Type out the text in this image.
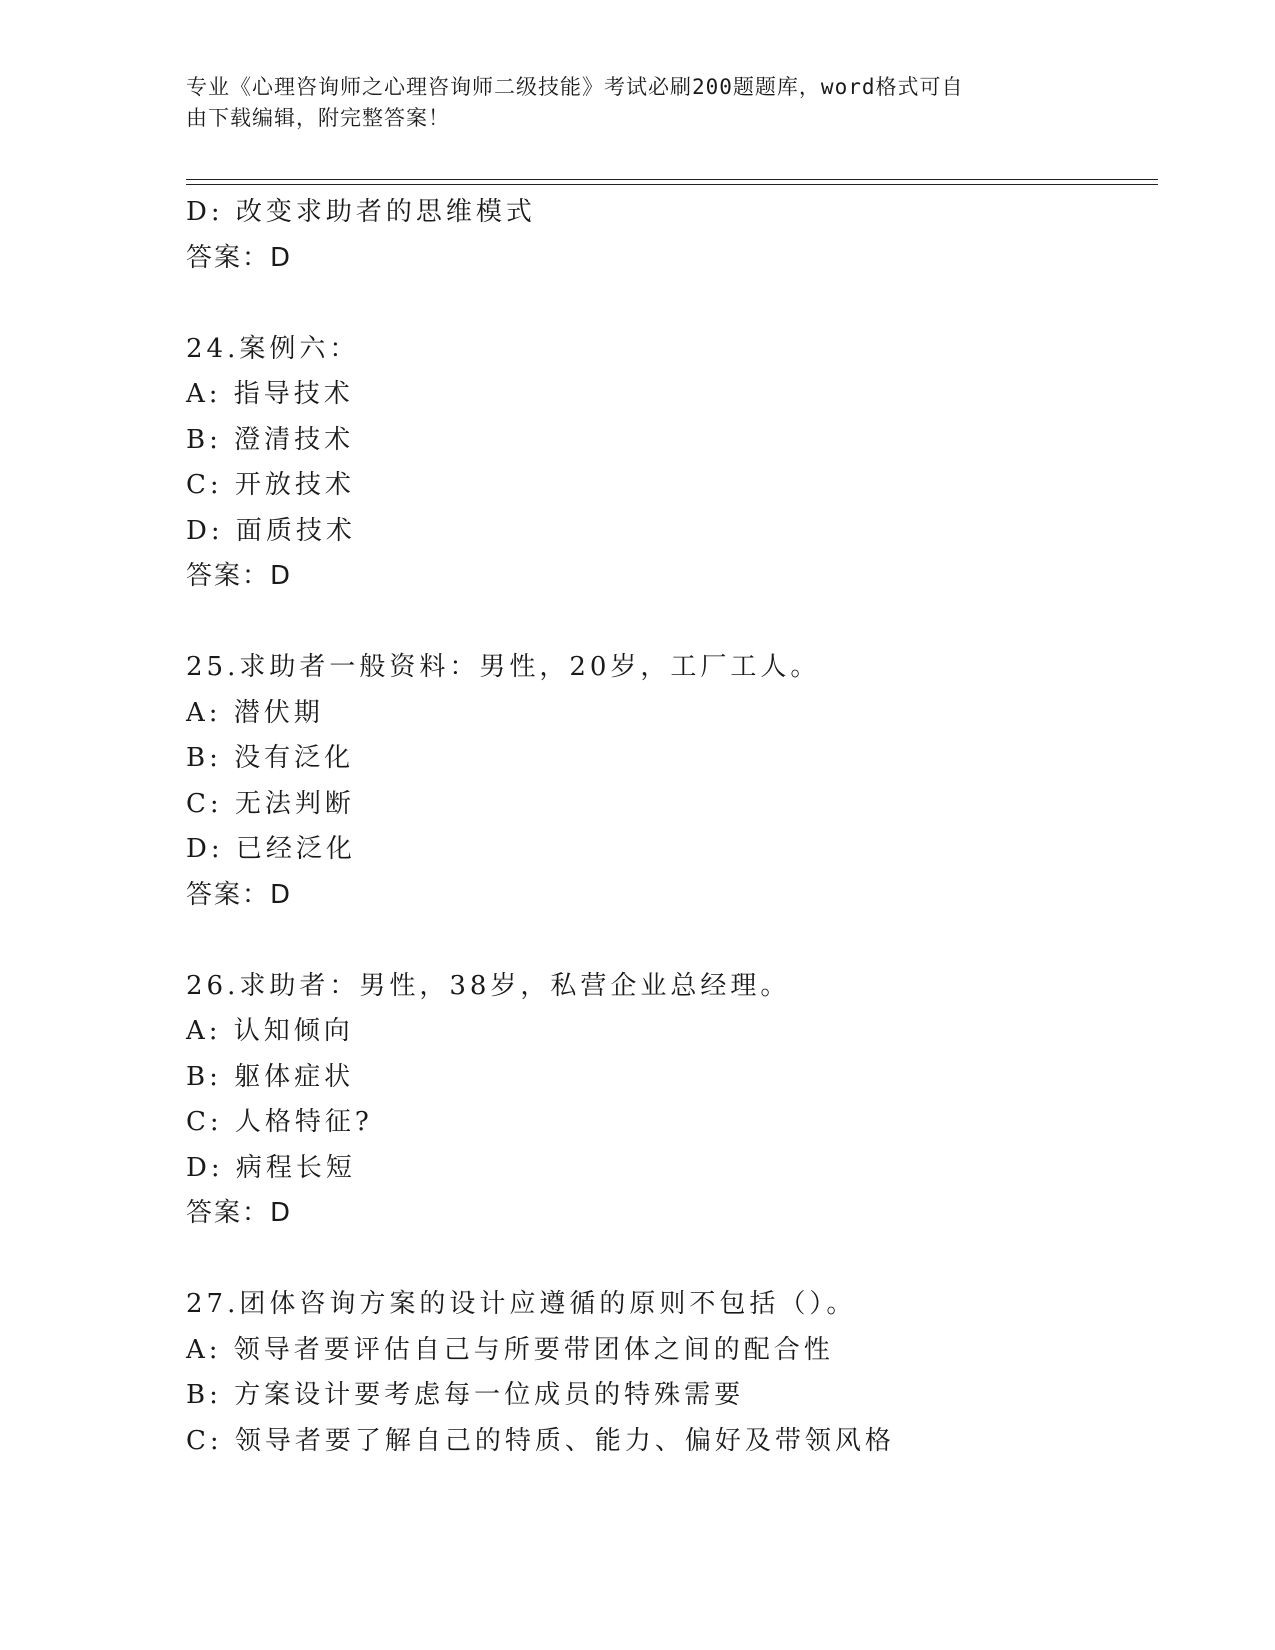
专业《心理咨询师之心理咨询师二级技能》考试必刷200题题库，word格式可自
由下载编辑，附完整答案！
D: 改变求助者的思维模式
答案：D
24.案例六：
A: 指导技术
B: 澄清技术
C: 开放技术
D: 面质技术
答案：D
25.求助者一般资料：男性，20岁，工厂工人。
A: 潜伏期
B: 没有泛化
C: 无法判断
D: 已经泛化
答案：D
26.求助者：男性，38岁，私营企业总经理。
A: 认知倾向
B: 躯体症状
C: 人格特征?
D: 病程长短
答案：D
27.团体咨询方案的设计应遵循的原则不包括（）。
A: 领导者要评估自己与所要带团体之间的配合性
B: 方案设计要考虑每一位成员的特殊需要
C: 领导者要了解自己的特质、能力、偏好及带领风格
